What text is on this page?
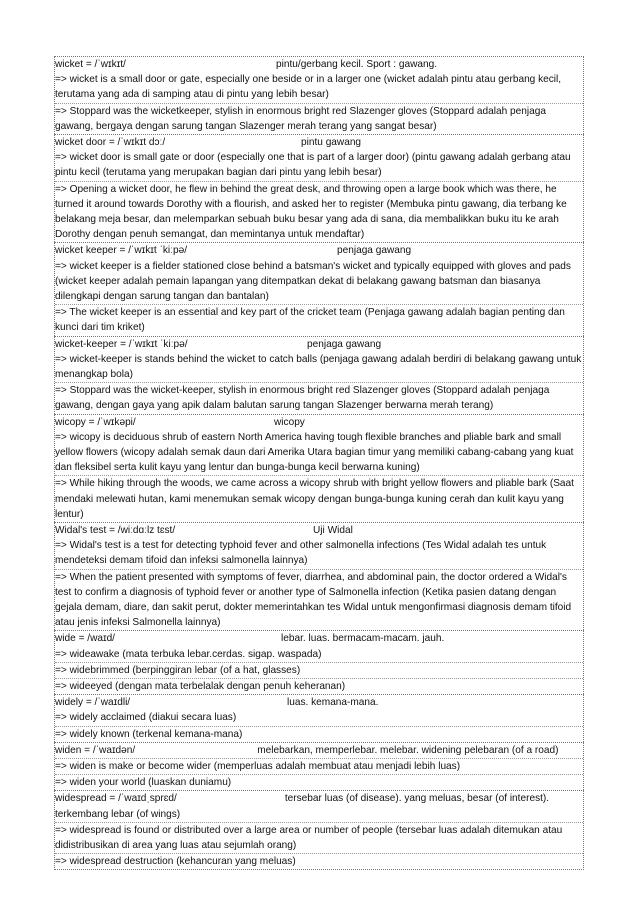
wicket = /ˈwɪkɪt/	pintu/gerbang kecil. Sport : gawang.
=> wicket is a small door or gate, especially one beside or in a larger one (wicket adalah pintu atau gerbang kecil, terutama yang ada di samping atau di pintu yang lebih besar)
=> Stoppard was the wicketkeeper, stylish in enormous bright red Slazenger gloves (Stoppard adalah penjaga gawang, bergaya dengan sarung tangan Slazenger merah terang yang sangat besar)
wicket door = /ˈwɪkɪt dɔː/	pintu gawang
=> wicket door is small gate or door (especially one that is part of a larger door) (pintu gawang adalah gerbang atau pintu kecil (terutama yang merupakan bagian dari pintu yang lebih besar)
=> Opening a wicket door, he flew in behind the great desk, and throwing open a large book which was there, he turned it around towards Dorothy with a flourish, and asked her to register (Membuka pintu gawang, dia terbang ke belakang meja besar, dan melemparkan sebuah buku besar yang ada di sana, dia membalikkan buku itu ke arah Dorothy dengan penuh semangat, dan memintanya untuk mendaftar)
wicket keeper = /ˈwɪkɪt ˈkiːpə/	penjaga gawang
=> wicket keeper is a fielder stationed close behind a batsman's wicket and typically equipped with gloves and pads (wicket keeper adalah pemain lapangan yang ditempatkan dekat di belakang gawang batsman dan biasanya dilengkapi dengan sarung tangan dan bantalan)
=> The wicket keeper is an essential and key part of the cricket team (Penjaga gawang adalah bagian penting dan kunci dari tim kriket)
wicket-keeper = /ˈwɪkɪt ˈkiːpə/	penjaga gawang
=> wicket-keeper is stands behind the wicket to catch balls (penjaga gawang adalah berdiri di belakang gawang untuk menangkap bola)
=> Stoppard was the wicket-keeper, stylish in enormous bright red Slazenger gloves (Stoppard adalah penjaga gawang, dengan gaya yang apik dalam balutan sarung tangan Slazenger berwarna merah terang)
wicopy = /ˈwɪkəpi/	wicopy
=> wicopy is deciduous shrub of eastern North America having tough flexible branches and pliable bark and small yellow flowers (wicopy adalah semak daun dari Amerika Utara bagian timur yang memiliki cabang-cabang yang kuat dan fleksibel serta kulit kayu yang lentur dan bunga-bunga kecil berwarna kuning)
=> While hiking through the woods, we came across a wicopy shrub with bright yellow flowers and pliable bark (Saat mendaki melewati hutan, kami menemukan semak wicopy dengan bunga-bunga kuning cerah dan kulit kayu yang lentur)
Widal's test = /wiːdɑːlz tɛst/	Uji Widal
=> Widal's test is a test for detecting typhoid fever and other salmonella infections (Tes Widal adalah tes untuk mendeteksi demam tifoid dan infeksi salmonella lainnya)
=> When the patient presented with symptoms of fever, diarrhea, and abdominal pain, the doctor ordered a Widal's test to confirm a diagnosis of typhoid fever or another type of Salmonella infection (Ketika pasien datang dengan gejala demam, diare, dan sakit perut, dokter memerintahkan tes Widal untuk mengonfirmasi diagnosis demam tifoid atau jenis infeksi Salmonella lainnya)
wide = /waɪd/	lebar. luas. bermacam-macam. jauh.
=> wideawake (mata terbuka lebar.cerdas. sigap. waspada)
=> widebrimmed (berpinggiran lebar (of a hat, glasses)
=> wideeyed (dengan mata terbelalak dengan penuh keheranan)
widely = /ˈwaɪdli/	luas. kemana-mana.
=> widely acclaimed (diakui secara luas)
=> widely known (terkenal kemana-mana)
widen = /ˈwaɪdən/	melebarkan, memperlebar. melebar. widening pelebaran (of a road)
=> widen is make or become wider (memperluas adalah membuat atau menjadi lebih luas)
=> widen your world (luaskan duniamu)
widespread = /ˈwaɪdˌsprɛd/	tersebar luas (of disease). yang meluas, besar (of interest). terkembang lebar (of wings)
=> widespread is found or distributed over a large area or number of people (tersebar luas adalah ditemukan atau didistribusikan di area yang luas atau sejumlah orang)
=> widespread destruction (kehancuran yang meluas)
